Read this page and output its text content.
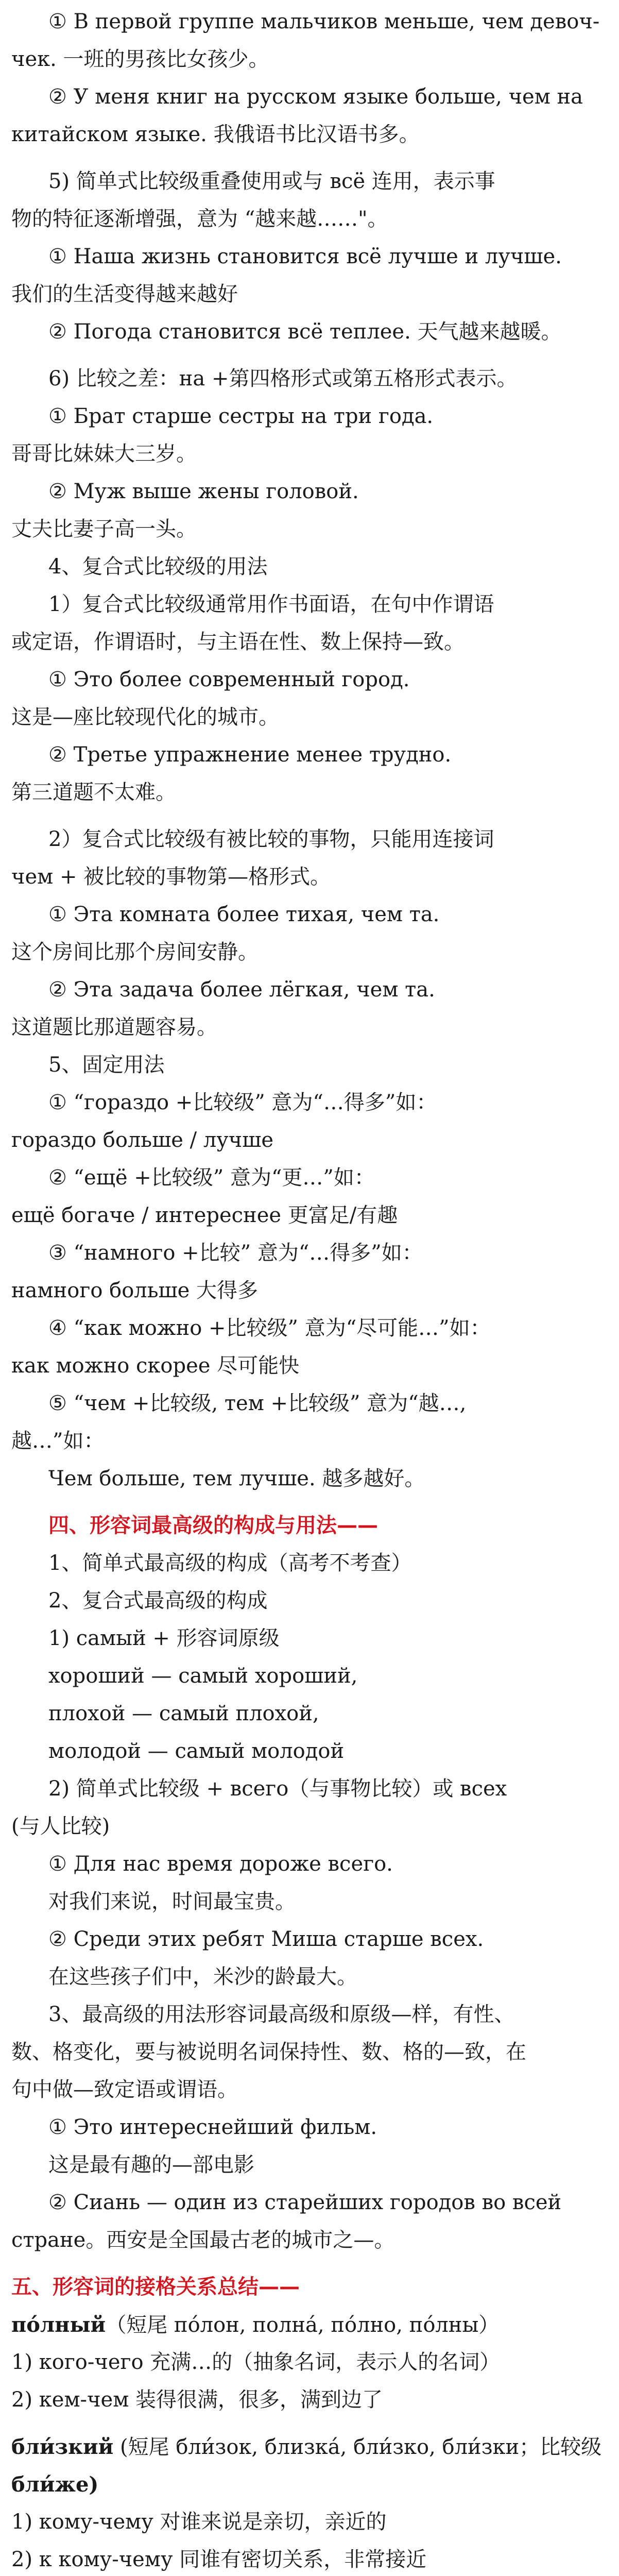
① В первой группе мальчиков меньше, чем девоч-
чек. 一班的男孩比女孩少。
② У меня книг на русском языке больше, чем на
китайском языке. 我俄语书比汉语书多。
5) 简单式比较级重叠使用或与 всё 连用，表示事
物的特征逐渐增强，意为 “越来越……"。
① Наша жизнь становится всё лучше и лучше.
我们的生活变得越来越好
② Погода становится всё теплее. 天气越来越暖。
6) 比较之差：на +第四格形式或第五格形式表示。
① Брат старше сестры на три года.
哥哥比妹妹大三岁。
② Муж выше жены головой.
丈夫比妻子高一头。
4、复合式比较级的用法
1）复合式比较级通常用作书面语，在句中作谓语
或定语，作谓语时，与主语在性、数上保持—致。
① Это более современный город.
这是—座比较现代化的城市。
② Третье упражнение менее трудно.
第三道题不太难。
2）复合式比较级有被比较的事物，只能用连接词
чем + 被比较的事物第—格形式。
① Эта комната более тихая, чем та.
这个房间比那个房间安静。
② Эта задача более лёгкая, чем та.
这道题比那道题容易。
5、固定用法
① “гораздо +比较级” 意为“…得多”如：
гораздо больше / лучше
② “ещё +比较级” 意为“更…”如：
ещё богаче / интереснее 更富足/有趣
③ “намного +比较” 意为“…得多”如：
намного больше 大得多
④ “как можно +比较级” 意为“尽可能…”如：
как можно скорее 尽可能快
⑤ “чем +比较级, тем +比较级” 意为“越…,
越…”如：
Чем больше, тем лучше. 越多越好。
四、形容词最高级的构成与用法——
1、简单式最高级的构成（高考不考查）
2、复合式最高级的构成
1) самый + 形容词原级
хороший — самый хороший,
плохой — самый плохой,
молодой — самый молодой
2) 简单式比较级 + всего（与事物比较）或 всех
(与人比较)
① Для нас время дороже всего.
对我们来说，时间最宝贵。
② Среди этих ребят Миша старше всех.
在这些孩子们中，米沙的龄最大。
3、最高级的用法形容词最高级和原级—样，有性、
数、格变化，要与被说明名词保持性、数、格的—致，在
句中做—致定语或谓语。
① Это интереснейший фильм.
这是最有趣的—部电影
② Сиань — один из старейших городов во всей
стране。西安是全国最古老的城市之—。
五、形容词的接格关系总结——
по́лный（短尾 по́лон, полна́, по́лно, по́лны）
1) кого-чего 充满…的（抽象名词，表示人的名词）
2) кем-чем 装得很满，很多，满到边了
бли́зкий (短尾 бли́зок, близка́, бли́зко, бли́зки；比较级
бли́же)
1) кому-чему 对谁来说是亲切，亲近的
2) к кому-чему 同谁有密切关系，非常接近
